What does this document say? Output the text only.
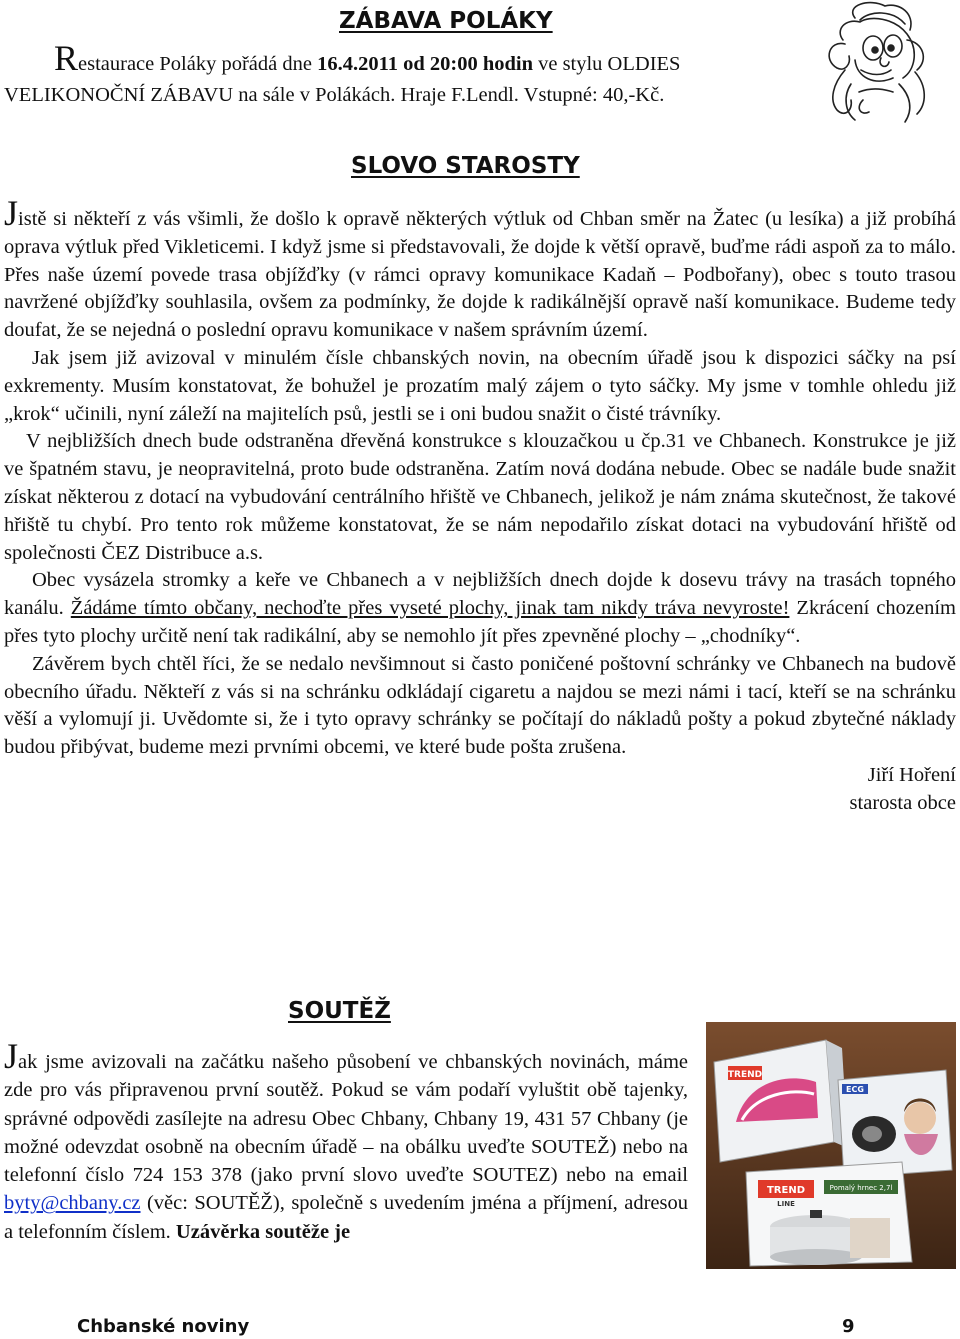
ZÁBAVA POLÁKY

Restaurace Poláky pořádá dne 16.4.2011 od 20:00 hodin ve stylu OLDIES

VELIKONOČNÍ ZÁBAVU na sále v Polákách. Hraje F.Lendl. Vstupné: 40,-Kč.

SLOVO STAROSTY

Jistě si někteří z vás všimli, že došlo k opravě některých výtluk od Chban směr na Žatec (u lesíka) a již probíhá oprava výtluk před Vikleticemi. I když jsme si představovali, že dojde k větší opravě, buďme rádi aspoň za to málo. Přes naše území povede trasa objížďky (v rámci opravy komunikace Kadaň – Podbořany), obec s touto trasou navržené objížďky souhlasila, ovšem za podmínky, že dojde k radikálnější opravě naší komunikace. Budeme tedy doufat, že se nejedná o poslední opravu komunikace v našem správním území.

Jak jsem již avizoval v minulém čísle chbanských novin, na obecním úřadě jsou k dispozici sáčky na psí exkrementy. Musím konstatovat, že bohužel je prozatím malý zájem o tyto sáčky. My jsme v tomhle ohledu již „krok“ učinili, nyní záleží na majitelích psů, jestli se i oni budou snažit o čisté trávníky.

V nejbližších dnech bude odstraněna dřevěná konstrukce s klouzačkou u čp.31 ve Chbanech. Konstrukce je již ve špatném stavu, je neopravitelná, proto bude odstraněna. Zatím nová dodána nebude. Obec se nadále bude snažit získat některou z dotací na vybudování centrálního hřiště ve Chbanech, jelikož je nám známa skutečnost, že takové hřiště tu chybí. Pro tento rok můžeme konstatovat, že se nám nepodařilo získat dotaci na vybudování hřiště od společnosti ČEZ Distribuce a.s.

Obec vysázela stromky a keře ve Chbanech a v nejbližších dnech dojde k dosevu trávy na trasách topného kanálu. Žádáme tímto občany, nechoďte přes vyseté plochy, jinak tam nikdy tráva nevyroste! Zkrácení chozením přes tyto plochy určitě není tak radikální, aby se nemohlo jít přes zpevněné plochy – „chodníky“.

Závěrem bych chtěl říci, že se nedalo nevšimnout si často poničené poštovní schránky ve Chbanech na budově obecního úřadu. Někteří z vás si na schránku odkládají cigaretu a najdou se mezi námi i tací, kteří se na schránku věší a vylomují ji. Uvědomte si, že i tyto opravy schránky se počítají do nákladů pošty a pokud zbytečné náklady budou přibývat, budeme mezi prvními obcemi, ve které bude pošta zrušena.

Jiří Hoření

starosta obce

SOUTĚŽ

Jak jsme avizovali na začátku našeho působení ve chbanských novinách, máme zde pro vás připravenou první soutěž. Pokud se vám podaří vyluštit obě tajenky, správné odpovědi zasílejte na adresu Obec Chbany, Chbany 19, 431 57 Chbany (je možné odevzdat osobně na obecním úřadě – na obálku uveďte SOUTEŽ) nebo na telefonní číslo 724 153 378 (jako první slovo uveďte SOUTEZ) nebo na email byty@chbany.cz (věc: SOUTĚŽ), společně s uvedením jména a příjmení, adresou a telefonním číslem. Uzávěrka soutěže je

TREND
ECG
TREND
LINE
Pomalý hrnec 2,7l
Chbanské noviny	9
